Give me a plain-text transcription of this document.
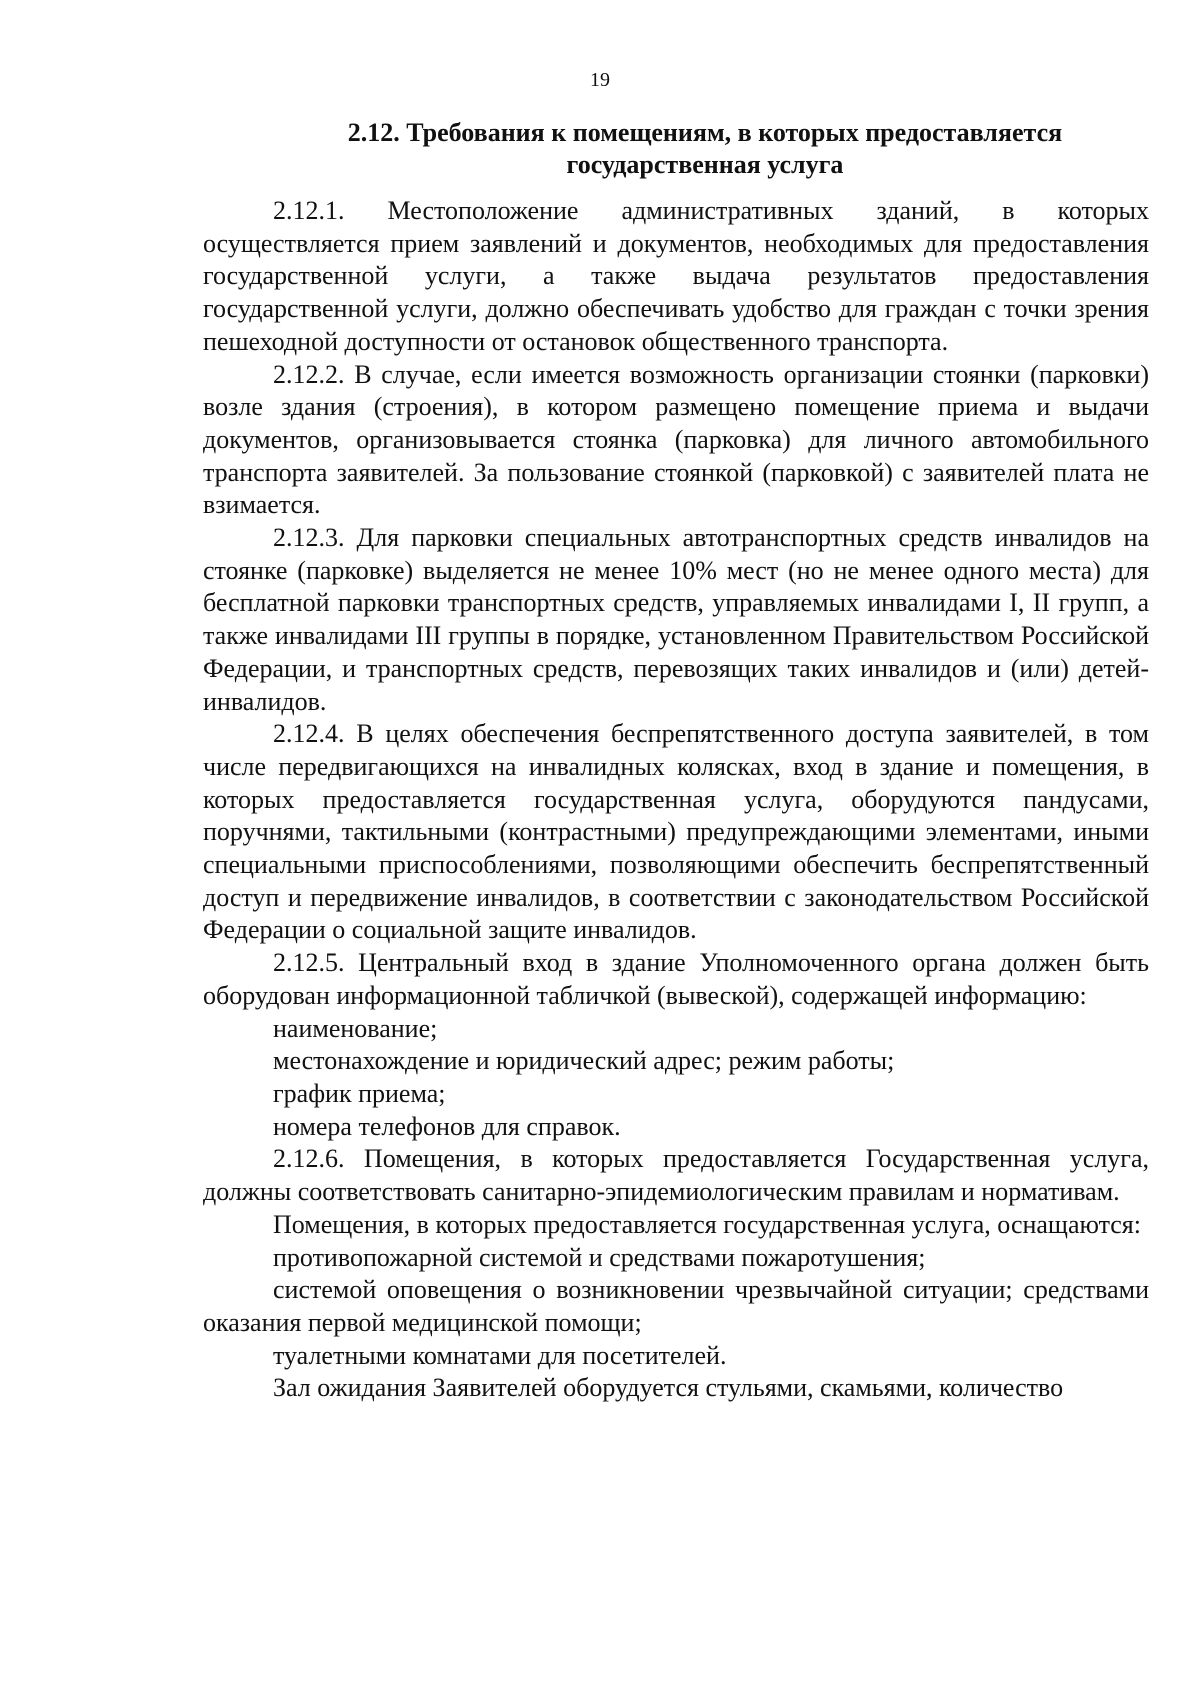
19
2.12. Требования к помещениям, в которых предоставляется
государственная услуга

2.12.1. Местоположение административных зданий, в которых осуществляется прием заявлений и документов, необходимых для предоставления государственной услуги, а также выдача результатов предоставления государственной услуги, должно обеспечивать удобство для граждан с точки зрения пешеходной доступности от остановок общественного транспорта.

2.12.2. В случае, если имеется возможность организации стоянки (парковки) возле здания (строения), в котором размещено помещение приема и выдачи документов, организовывается стоянка (парковка) для личного автомобильного транспорта заявителей. За пользование стоянкой (парковкой) с заявителей плата не взимается.

2.12.3. Для парковки специальных автотранспортных средств инвалидов на стоянке (парковке) выделяется не менее 10% мест (но не менее одного места) для бесплатной парковки транспортных средств, управляемых инвалидами I, II групп, а также инвалидами III группы в порядке, установленном Правительством Российской Федерации, и транспортных средств, перевозящих таких инвалидов и (или) детей-инвалидов.

2.12.4. В целях обеспечения беспрепятственного доступа заявителей, в том числе передвигающихся на инвалидных колясках, вход в здание и помещения, в которых предоставляется государственная услуга, оборудуются пандусами, поручнями, тактильными (контрастными) предупреждающими элементами, иными специальными приспособлениями, позволяющими обеспечить беспрепятственный доступ и передвижение инвалидов, в соответствии с законодательством Российской Федерации о социальной защите инвалидов.

2.12.5. Центральный вход в здание Уполномоченного органа должен быть оборудован информационной табличкой (вывеской), содержащей информацию:

наименование;

местонахождение и юридический адрес; режим работы;

график приема;

номера телефонов для справок.

2.12.6. Помещения, в которых предоставляется Государственная услуга, должны соответствовать санитарно-эпидемиологическим правилам и нормативам.

Помещения, в которых предоставляется государственная услуга, оснащаются:

противопожарной системой и средствами пожаротушения;

системой оповещения о возникновении чрезвычайной ситуации; средствами оказания первой медицинской помощи;

туалетными комнатами для посетителей.

Зал ожидания Заявителей оборудуется стульями, скамьями, количество
